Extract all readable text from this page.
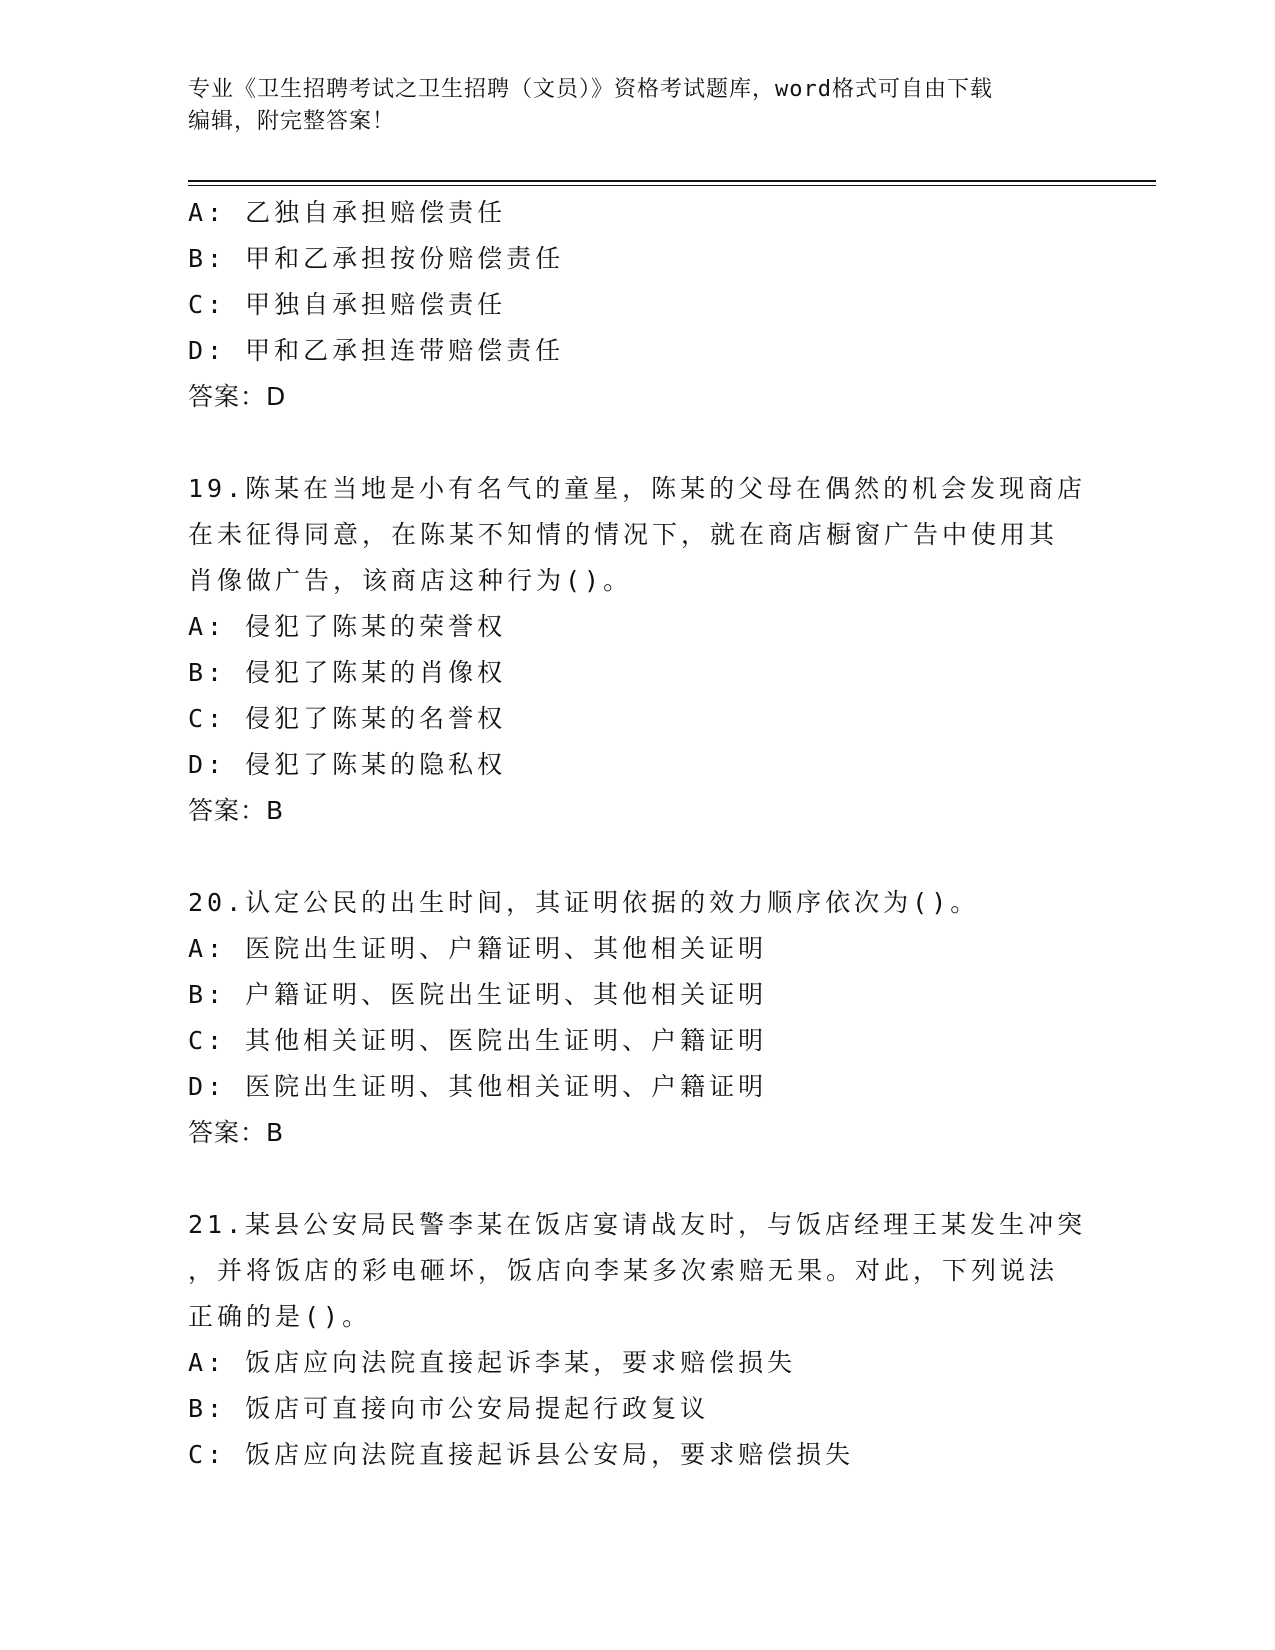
专业《卫生招聘考试之卫生招聘（文员）》资格考试题库，word格式可自由下载
编辑，附完整答案！
A: 乙独自承担赔偿责任
B: 甲和乙承担按份赔偿责任
C: 甲独自承担赔偿责任
D: 甲和乙承担连带赔偿责任
答案：D
19.陈某在当地是小有名气的童星，陈某的父母在偶然的机会发现商店
在未征得同意，在陈某不知情的情况下，就在商店橱窗广告中使用其
肖像做广告，该商店这种行为()。
A: 侵犯了陈某的荣誉权
B: 侵犯了陈某的肖像权
C: 侵犯了陈某的名誉权
D: 侵犯了陈某的隐私权
答案：B
20.认定公民的出生时间，其证明依据的效力顺序依次为()。
A: 医院出生证明、户籍证明、其他相关证明
B: 户籍证明、医院出生证明、其他相关证明
C: 其他相关证明、医院出生证明、户籍证明
D: 医院出生证明、其他相关证明、户籍证明
答案：B
21.某县公安局民警李某在饭店宴请战友时，与饭店经理王某发生冲突
，并将饭店的彩电砸坏，饭店向李某多次索赔无果。对此，下列说法
正确的是()。
A: 饭店应向法院直接起诉李某，要求赔偿损失
B: 饭店可直接向市公安局提起行政复议
C: 饭店应向法院直接起诉县公安局，要求赔偿损失
